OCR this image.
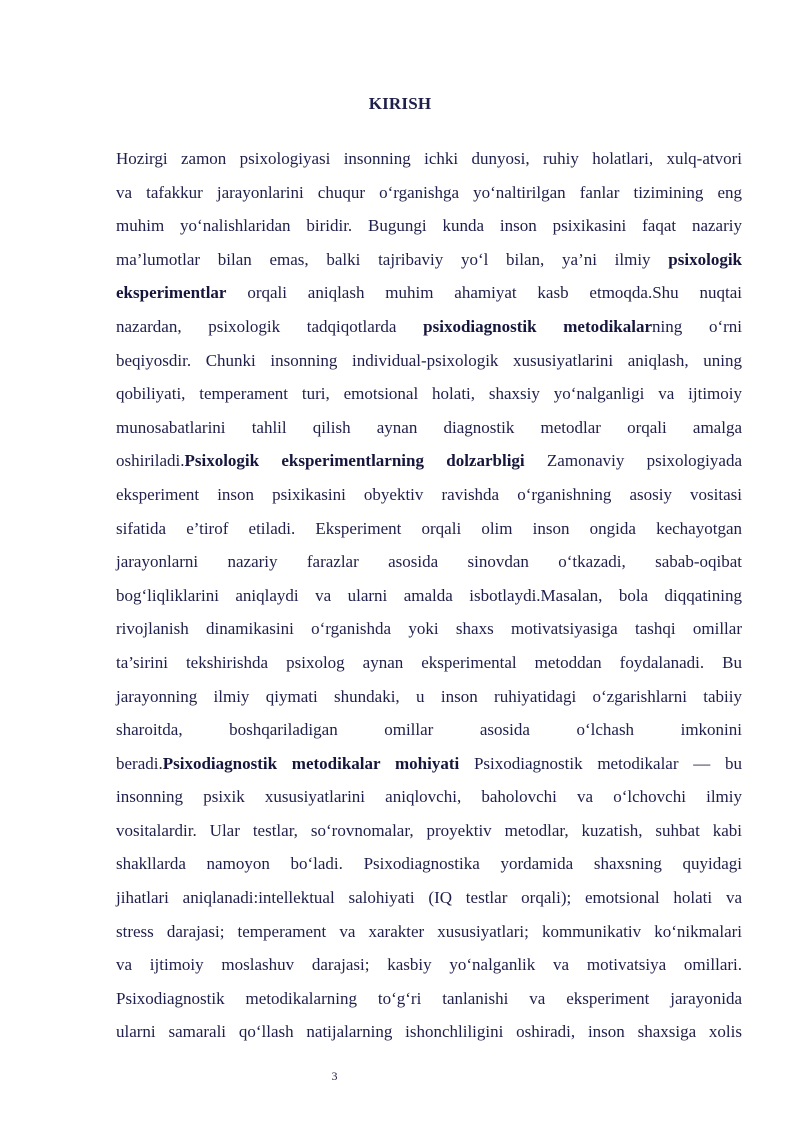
KIRISH
Hozirgi zamon psixologiyasi insonning ichki dunyosi, ruhiy holatlari, xulq-atvori
va tafakkur jarayonlarini chuqur o‘rganishga yo‘naltirilgan fanlar tizimining eng
muhim yo‘nalishlaridan biridir. Bugungi kunda inson psixikasini faqat nazariy
ma’lumotlar bilan emas, balki tajribaviy yo‘l bilan, ya’ni ilmiy psixologik
eksperimentlar orqali aniqlash muhim ahamiyat kasb etmoqda.Shu nuqtai
nazardan, psixologik tadqiqotlarda psixodiagnostik metodikalarning o‘rni
beqiyosdir. Chunki insonning individual-psixologik xususiyatlarini aniqlash, uning
qobiliyati, temperament turi, emotsional holati, shaxsiy yo‘nalganligi va ijtimoiy
munosabatlarini tahlil qilish aynan diagnostik metodlar orqali amalga
oshiriladi.Psixologik eksperimentlarning dolzarbligi Zamonaviy psixologiyada
eksperiment inson psixikasini obyektiv ravishda o‘rganishning asosiy vositasi
sifatida e’tirof etiladi. Eksperiment orqali olim inson ongida kechayotgan
jarayonlarni nazariy farazlar asosida sinovdan o‘tkazadi, sabab-oqibat
bog‘liqliklarini aniqlaydi va ularni amalda isbotlaydi.Masalan, bola diqqatining
rivojlanish dinamikasini o‘rganishda yoki shaxs motivatsiyasiga tashqi omillar
ta’sirini tekshirishda psixolog aynan eksperimental metoddan foydalanadi. Bu
jarayonning ilmiy qiymati shundaki, u inson ruhiyatidagi o‘zgarishlarni tabiiy
sharoitda, boshqariladigan omillar asosida o‘lchash imkonini
beradi.Psixodiagnostik metodikalar mohiyati Psixodiagnostik metodikalar — bu
insonning psixik xususiyatlarini aniqlovchi, baholovchi va o‘lchovchi ilmiy
vositalardir. Ular testlar, so‘rovnomalar, proyektiv metodlar, kuzatish, suhbat kabi
shakllarda namoyon bo‘ladi. Psixodiagnostika yordamida shaxsning quyidagi
jihatlari aniqlanadi:intellektual salohiyati (IQ testlar orqali); emotsional holati va
stress darajasi; temperament va xarakter xususiyatlari; kommunikativ ko‘nikmalari
va ijtimoiy moslashuv darajasi; kasbiy yo‘nalganlik va motivatsiya omillari.
Psixodiagnostik metodikalarning to‘g‘ri tanlanishi va eksperiment jarayonida
ularni samarali qo‘llash natijalarning ishonchliligini oshiradi, inson shaxsiga xolis
3
